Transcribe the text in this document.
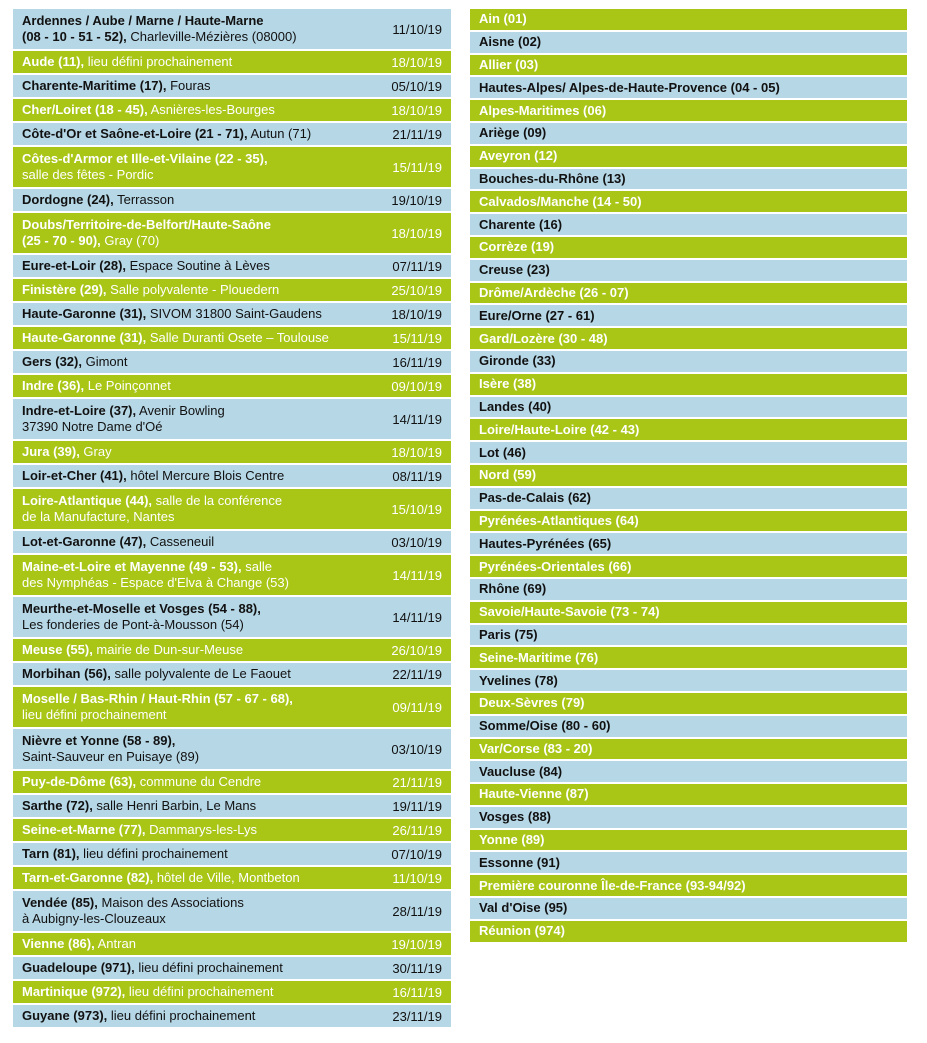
Ardennes / Aube / Marne / Haute-Marne
(08 - 10 - 51 - 52), Charleville-Mézières (08000)	11/10/19
Aude (11), lieu défini prochainement	18/10/19
Charente-Maritime (17), Fouras	05/10/19
Cher/Loiret (18 - 45), Asnières-les-Bourges	18/10/19
Côte-d'Or et Saône-et-Loire (21 - 71), Autun (71)	21/11/19
Côtes-d'Armor et Ille-et-Vilaine (22 - 35),
salle des fêtes - Pordic	15/11/19
Dordogne (24), Terrasson	19/10/19
Doubs/Territoire-de-Belfort/Haute-Saône
(25 - 70 - 90), Gray (70)	18/10/19
Eure-et-Loir (28), Espace Soutine à Lèves	07/11/19
Finistère (29), Salle polyvalente - Plouedern	25/10/19
Haute-Garonne (31), SIVOM 31800 Saint-Gaudens	18/10/19
Haute-Garonne (31), Salle Duranti Osete – Toulouse	15/11/19
Gers (32), Gimont	16/11/19
Indre (36), Le Poinçonnet	09/10/19
Indre-et-Loire (37), Avenir Bowling
37390 Notre Dame d'Oé	14/11/19
Jura (39), Gray	18/10/19
Loir-et-Cher (41), hôtel Mercure Blois Centre	08/11/19
Loire-Atlantique (44), salle de la conférence
de la Manufacture, Nantes	15/10/19
Lot-et-Garonne (47), Casseneuil	03/10/19
Maine-et-Loire et Mayenne (49 - 53), salle
des Nymphéas - Espace d'Elva à Change (53)	14/11/19
Meurthe-et-Moselle et Vosges (54 - 88),
Les fonderies de Pont-à-Mousson (54)	14/11/19
Meuse (55), mairie de Dun-sur-Meuse	26/10/19
Morbihan (56), salle polyvalente de Le Faouet	22/11/19
Moselle / Bas-Rhin / Haut-Rhin (57 - 67 - 68),
lieu défini prochainement	09/11/19
Nièvre et Yonne (58 - 89),
Saint-Sauveur en Puisaye (89)	03/10/19
Puy-de-Dôme (63), commune du Cendre	21/11/19
Sarthe (72), salle Henri Barbin, Le Mans	19/11/19
Seine-et-Marne (77), Dammarys-les-Lys	26/11/19
Tarn (81), lieu défini prochainement	07/10/19
Tarn-et-Garonne (82), hôtel de Ville, Montbeton	11/10/19
Vendée (85), Maison des Associations
à Aubigny-les-Clouzeaux	28/11/19
Vienne (86), Antran	19/10/19
Guadeloupe (971), lieu défini prochainement	30/11/19
Martinique (972), lieu défini prochainement	16/11/19
Guyane (973), lieu défini prochainement	23/11/19
Ain (01)
Aisne (02)
Allier (03)
Hautes-Alpes/ Alpes-de-Haute-Provence (04 - 05)
Alpes-Maritimes (06)
Ariège (09)
Aveyron (12)
Bouches-du-Rhône (13)
Calvados/Manche (14 - 50)
Charente (16)
Corrèze (19)
Creuse (23)
Drôme/Ardèche (26 - 07)
Eure/Orne (27 - 61)
Gard/Lozère (30 - 48)
Gironde (33)
Isère (38)
Landes (40)
Loire/Haute-Loire (42 - 43)
Lot (46)
Nord (59)
Pas-de-Calais (62)
Pyrénées-Atlantiques (64)
Hautes-Pyrénées (65)
Pyrénées-Orientales (66)
Rhône (69)
Savoie/Haute-Savoie (73 - 74)
Paris (75)
Seine-Maritime (76)
Yvelines (78)
Deux-Sèvres (79)
Somme/Oise (80 - 60)
Var/Corse (83 - 20)
Vaucluse (84)
Haute-Vienne (87)
Vosges (88)
Yonne (89)
Essonne (91)
Première couronne Île-de-France (93-94/92)
Val d'Oise (95)
Réunion (974)
